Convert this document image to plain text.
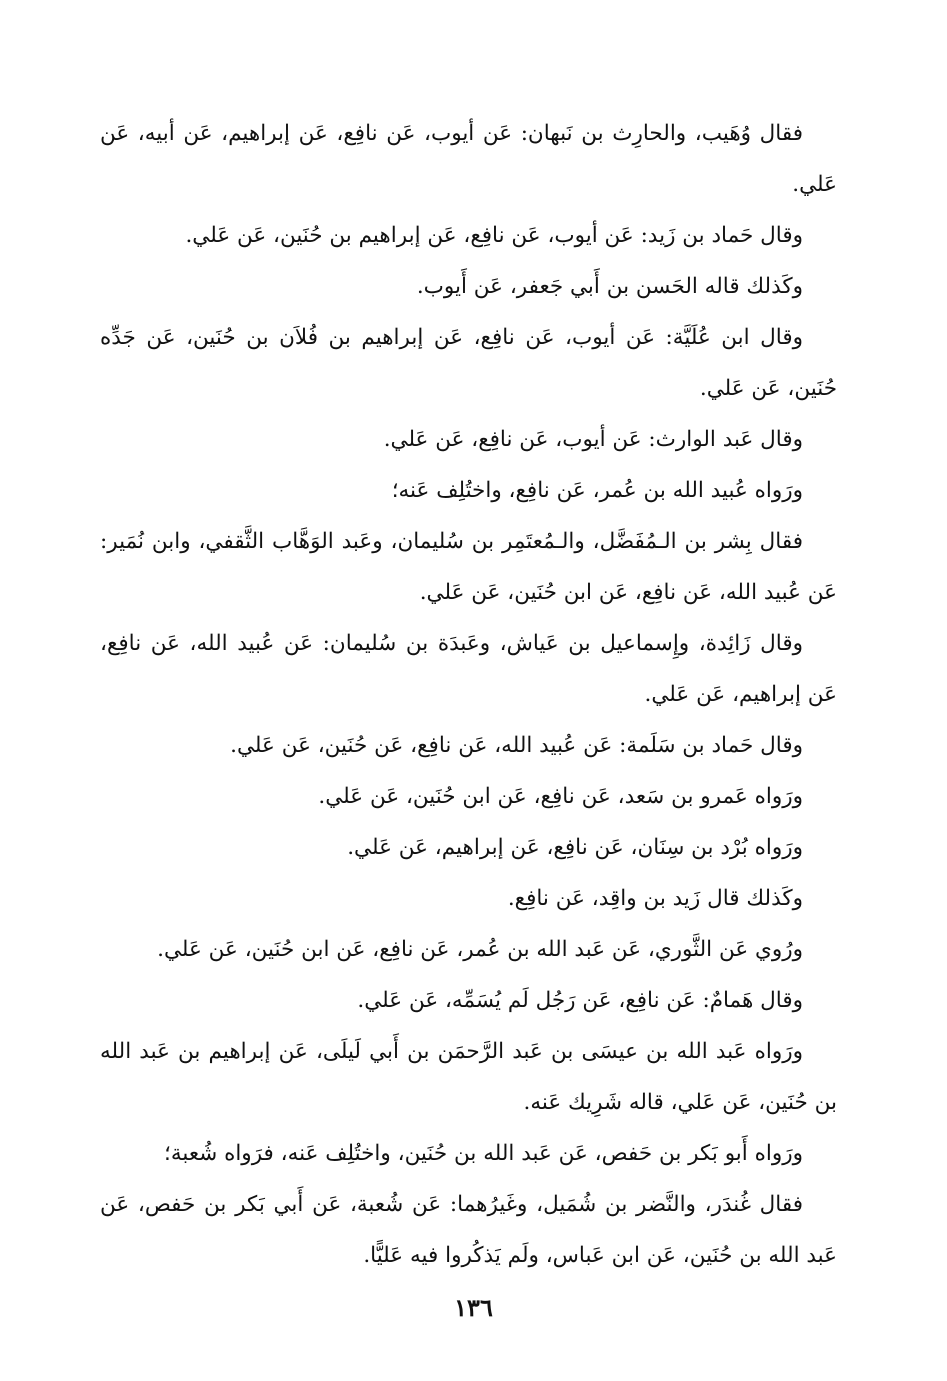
فقال وُهَيب، والحارِث بن نَبهان: عَن أيوب، عَن نافِع، عَن إبراهيم، عَن أبيه، عَن عَلي.

وقال حَماد بن زَيد: عَن أيوب، عَن نافِع، عَن إبراهيم بن حُنَين، عَن عَلي.

وكَذلك قاله الحَسن بن أَبي جَعفر، عَن أَيوب.

وقال ابن عُلَيَّة: عَن أيوب، عَن نافِع، عَن إبراهيم بن فُلاَن بن حُنَين، عَن جَدِّه حُنَين، عَن عَلي.

وقال عَبد الوارث: عَن أيوب، عَن نافِع، عَن عَلي.

ورَواه عُبيد الله بن عُمر، عَن نافِع، واختُلِف عَنه؛

فقال بِشر بن الـمُفَضَّل، والـمُعتَمِر بن سُليمان، وعَبد الوَهَّاب الثَّقفي، وابن نُمَير: عَن عُبيد الله، عَن نافِع، عَن ابن حُنَين، عَن عَلي.

وقال زَائِدة، وإِسماعيل بن عَياش، وعَبدَة بن سُليمان: عَن عُبيد الله، عَن نافِع، عَن إبراهيم، عَن عَلي.

وقال حَماد بن سَلَمة: عَن عُبيد الله، عَن نافِع، عَن حُنَين، عَن عَلي.

ورَواه عَمرو بن سَعد، عَن نافِع، عَن ابن حُنَين، عَن عَلي.

ورَواه بُرْد بن سِنَان، عَن نافِع، عَن إبراهيم، عَن عَلي.

وكَذلك قال زَيد بن واقِد، عَن نافِع.

ورُوي عَن الثَّوري، عَن عَبد الله بن عُمر، عَن نافِع، عَن ابن حُنَين، عَن عَلي.

وقال هَمامٌ: عَن نافِع، عَن رَجُل لَم يُسَمِّه، عَن عَلي.

ورَواه عَبد الله بن عيسَى بن عَبد الرَّحمَن بن أَبي لَيلَى، عَن إبراهيم بن عَبد الله بن حُنَين، عَن عَلي، قاله شَرِيك عَنه.

ورَواه أَبو بَكر بن حَفص، عَن عَبد الله بن حُنَين، واختُلِف عَنه، فرَواه شُعبة؛

فقال غُندَر، والنَّضر بن شُمَيل، وغَيرُهما: عَن شُعبة، عَن أَبي بَكر بن حَفص، عَن عَبد الله بن حُنَين، عَن ابن عَباس، ولَم يَذكُروا فيه عَليًّا.

١٣٦
